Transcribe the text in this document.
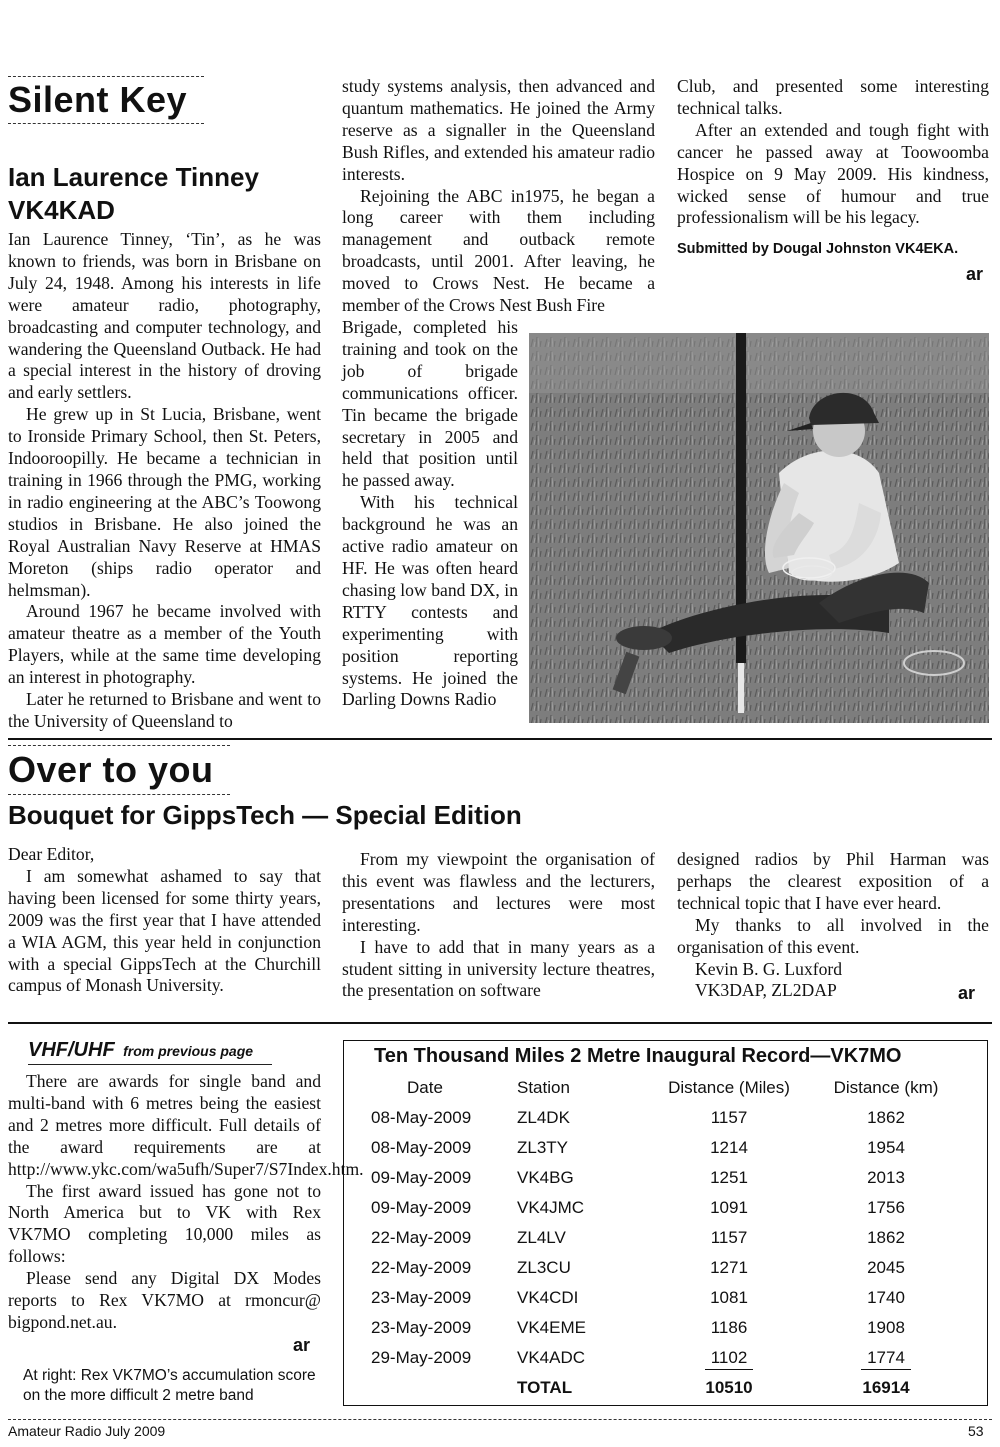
Silent Key
Ian Laurence Tinney
VK4KAD

Ian Laurence Tinney, ‘Tin’, as he was known to friends, was born in Brisbane on July 24, 1948. Among his interests in life were amateur radio, photography, broadcasting and computer technology, and wandering the Queensland Outback. He had a special interest in the history of droving and early settlers.

He grew up in St Lucia, Brisbane, went to Ironside Primary School, then St. Peters, Indooroopilly. He became a technician in training in 1966 through the PMG, working in radio engineering at the ABC’s Toowong studios in Brisbane. He also joined the Royal Australian Navy Reserve at HMAS Moreton (ships radio operator and helmsman).

Around 1967 he became involved with amateur theatre as a member of the Youth Players, while at the same time developing an interest in photography.

Later he returned to Brisbane and went to the University of Queensland to

study systems analysis, then advanced and quantum mathematics. He joined the Army reserve as a signaller in the Queensland Bush Rifles, and extended his amateur radio interests.

Rejoining the ABC in1975, he began a long career with them including management and outback remote broadcasts, until 2001. After leaving, he moved to Crows Nest. He became a member of the Crows Nest Bush Fire

Brigade, completed his training and took on the job of brigade communications officer. Tin became the brigade secretary in 2005 and held that position until he passed away.

With his technical background he was an active radio amateur on HF. He was often heard chasing low band DX, in RTTY contests and experimenting with position reporting systems. He joined the Darling Downs Radio

Club, and presented some interesting technical talks.

After an extended and tough fight with cancer he passed away at Toowoomba Hospice on 9 May 2009. His kindness, wicked sense of humour and true professionalism will be his legacy.

Submitted by Dougal Johnston VK4EKA.
ar
Over to you
Bouquet for GippsTech — Special Edition

Dear Editor,

I am somewhat ashamed to say that having been licensed for some thirty years, 2009 was the first year that I have attended a WIA AGM, this year held in conjunction with a special GippsTech at the Churchill campus of Monash University.

From my viewpoint the organisation of this event was flawless and the lecturers, presentations and lectures were most interesting.

I have to add that in many years as a student sitting in university lecture theatres, the presentation on software

designed radios by Phil Harman was perhaps the clearest exposition of a technical topic that I have ever heard.

My thanks to all involved in the organisation of this event.

Kevin B. G. Luxford

VK3DAP, ZL2DAP	ar
VHF/UHF from previous page

There are awards for single band and multi-band with 6 metres being the easiest and 2 metres more difficult. Full details of the award requirements are at http://www.ykc.com/wa5ufh/Super7/S7Index.htm.

The first award issued has gone not to North America but to VK with Rex VK7MO completing 10,000 miles as follows:

Please send any Digital DX Modes reports to Rex VK7MO at rmoncur@ bigpond.net.au.

ar
At right: Rex VK7MO’s accumulation score on the more difficult 2 metre band
Ten Thousand Miles 2 Metre Inaugural Record—VK7MO
Date	Station	Distance (Miles)	Distance (km)
08-May-2009	ZL4DK	1157	1862
08-May-2009	ZL3TY	1214	1954
09-May-2009	VK4BG	1251	2013
09-May-2009	VK4JMC	1091	1756
22-May-2009	ZL4LV	1157	1862
22-May-2009	ZL3CU	1271	2045
23-May-2009	VK4CDI	1081	1740
23-May-2009	VK4EME	1186	1908
29-May-2009	VK4ADC	1102	1774
	TOTAL	10510	16914
Amateur Radio July 2009	53
